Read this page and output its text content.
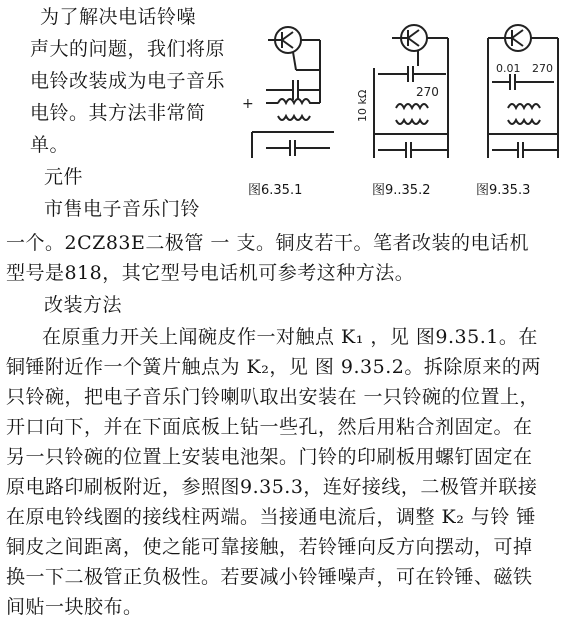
为了解决电话铃噪
声大的问题，我们将原
电铃改装成为电子音乐
电铃。其方法非常简
单。
元件
市售电子音乐门铃
+
图6.35.1
270
10 kΩ
图9..35.2
0.01 270
图9.35.3
一个。2CZ83E二极管 一 支。铜皮若干。笔者改装的电话机
型号是818，其它型号电话机可参考这种方法。
改装方法
在原重力开关上闻碗皮作一对触点 K₁ ，见 图9.35.1。在
铜锤附近作一个簧片触点为 K₂，见 图 9.35.2。拆除原来的两
只铃碗，把电子音乐门铃喇叭取出安装在 一只铃碗的位置上，
开口向下，并在下面底板上钻一些孔，然后用粘合剂固定。在
另一只铃碗的位置上安装电池架。门铃的印刷板用螺钉固定在
原电路印刷板附近，参照图9.35.3，连好接线，二极管并联接
在原电铃线圈的接线柱两端。当接通电流后，调整 K₂ 与铃 锤
铜皮之间距离，使之能可靠接触，若铃锤向反方向摆动，可掉
换一下二极管正负极性。若要减小铃锤噪声，可在铃锤、磁铁
间贴一块胶布。
